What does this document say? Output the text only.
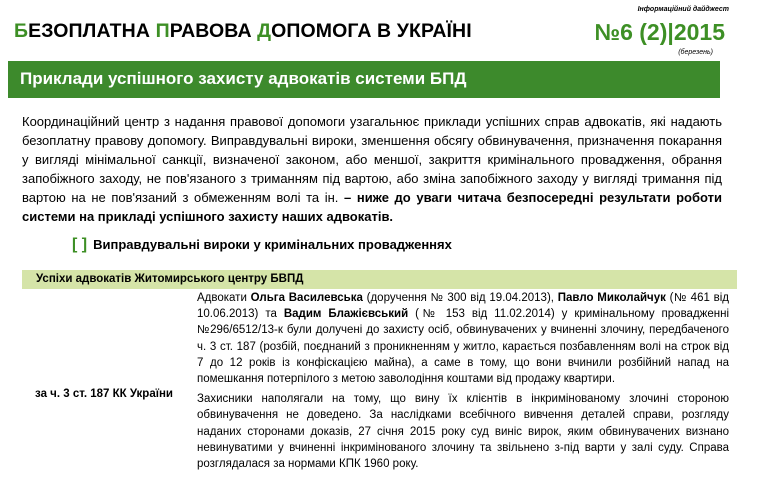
Інформаційний дайджест
БЕЗОПЛАТНА ПРАВОВА ДОПОМОГА В УКРАЇНІ	№6 (2)|2015
(березень)
Приклади успішного захисту адвокатів системи БПД
Координаційний центр з надання правової допомоги узагальнює приклади успішних справ адвокатів, які надають безоплатну правову допомогу. Виправдувальні вироки, зменшення обсягу обвинувачення, призначення покарання у вигляді мінімальної санкції, визначеної законом, або меншої, закриття кримінального провадження, обрання запобіжного заходу, не пов'язаного з триманням під вартою, або зміна запобіжного заходу у вигляді тримання під вартою на не пов'язаний з обмеженням волі та ін. – ниже до уваги читача безпосередні результати роботи системи на прикладі успішного захисту наших адвокатів.
[ ] Виправдувальні вироки у кримінальних провадженнях
Успіхи адвокатів Житомирського центру БВПД
за ч. 3 ст. 187 КК України

Адвокати Ольга Василевська (доручення № 300 від 19.04.2013), Павло Миколайчук (№ 461 від 10.06.2013) та Вадим Блажієвський (№ 153 від 11.02.2014) у кримінальному провадженні №296/6512/13-к були долучені до захисту осіб, обвинувачених у вчиненні злочину, передбаченого ч. 3 ст. 187 (розбій, поєднаний з проникненням у житло, карається позбавленням волі на строк від 7 до 12 років із конфіскацією майна), а саме в тому, що вони вчинили розбійний напад на помешкання потерпілого з метою заволодіння коштами від продажу квартири.

Захисники наполягали на тому, що вину їх клієнтів в інкримінованому злочині стороною обвинувачення не доведено. За наслідками всебічного вивчення деталей справи, розгляду наданих сторонами доказів, 27 січня 2015 року суд виніс вирок, яким обвинувачених визнано невинуватими у вчиненні інкримінованого злочину та звільнено з-під варти у залі суду. Справа розглядалася за нормами КПК 1960 року.
